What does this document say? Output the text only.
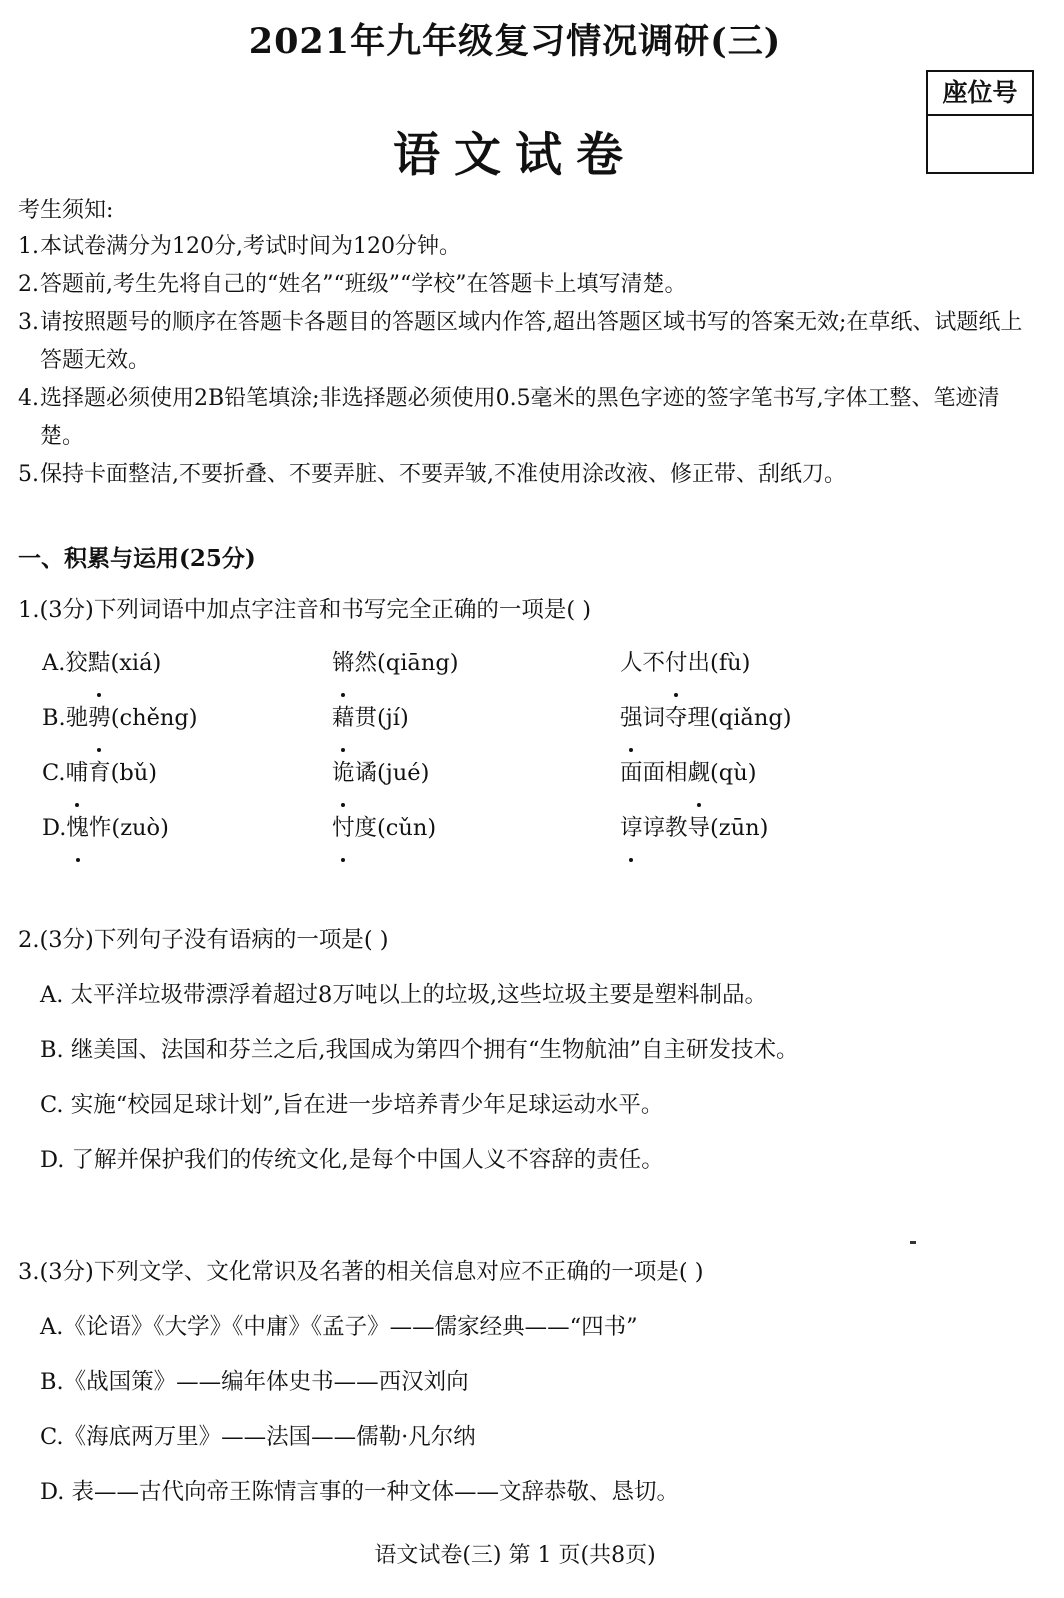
2021年九年级复习情况调研(三)
语文试卷
座位号
考生须知:
1. 本试卷满分为120分,考试时间为120分钟。
2. 答题前,考生先将自己的“姓名”“班级”“学校”在答题卡上填写清楚。
3. 请按照题号的顺序在答题卡各题目的答题区域内作答,超出答题区域书写的答案无效;在草纸、试题纸上答题无效。
4. 选择题必须使用2B铅笔填涂;非选择题必须使用0.5毫米的黑色字迹的签字笔书写,字体工整、笔迹清楚。
5. 保持卡面整洁,不要折叠、不要弄脏、不要弄皱,不准使用涂改液、修正带、刮纸刀。
一、积累与运用(25分)
1.(3分)下列词语中加点字注音和书写完全正确的一项是( )
A.狡黠(xiá)	锵然(qiāng)	人不付出(fù)
B.驰骋(chěng)	藉贯(jí)	强词夺理(qiǎng)
C.哺育(bǔ)	诡谲(jué)	面面相觑(qù)
D.愧怍(zuò)	忖度(cǔn)	谆谆教导(zūn)
2.(3分)下列句子没有语病的一项是( )
A. 太平洋垃圾带漂浮着超过8万吨以上的垃圾,这些垃圾主要是塑料制品。
B. 继美国、法国和芬兰之后,我国成为第四个拥有“生物航油”自主研发技术。
C. 实施“校园足球计划”,旨在进一步培养青少年足球运动水平。
D. 了解并保护我们的传统文化,是每个中国人义不容辞的责任。
3.(3分)下列文学、文化常识及名著的相关信息对应不正确的一项是( )
A.《论语》《大学》《中庸》《孟子》——儒家经典——“四书”
B.《战国策》——编年体史书——西汉刘向
C.《海底两万里》——法国——儒勒·凡尔纳
D. 表——古代向帝王陈情言事的一种文体——文辞恭敬、恳切。
语文试卷(三) 第 1 页(共8页)
